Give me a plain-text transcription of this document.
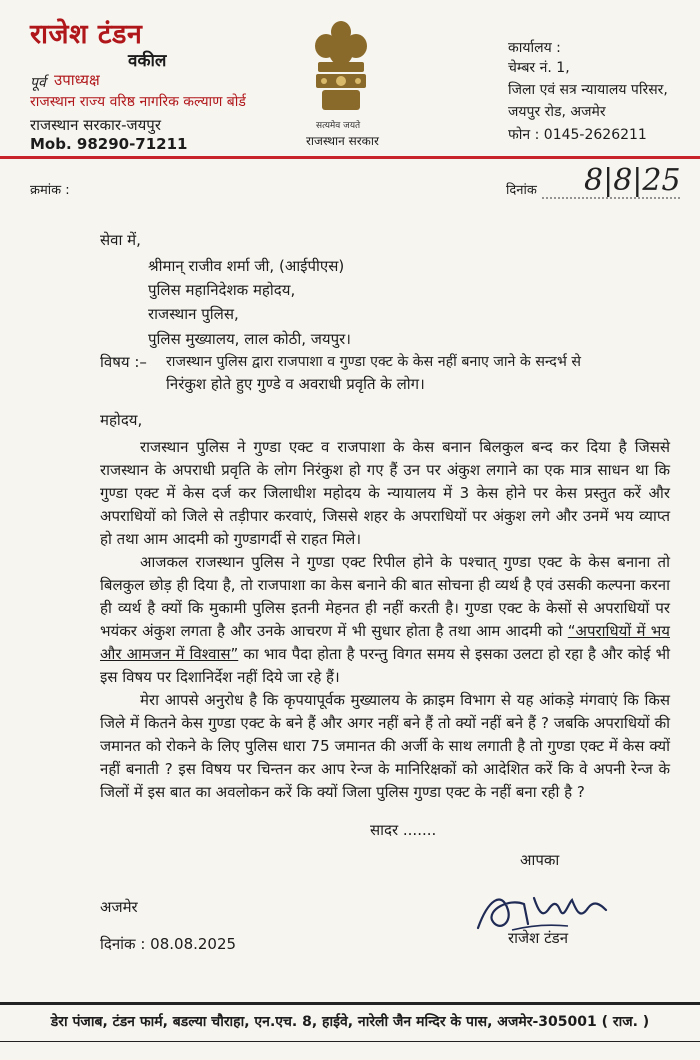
राजेश टंडन
वकील
पूर्व उपाध्यक्ष
राजस्थान राज्य वरिष्ठ नागरिक कल्याण बोर्ड
राजस्थान सरकार-जयपुर
Mob. 98290-71211
सत्यमेव जयते
राजस्थान सरकार
कार्यालय :
चेम्बर नं. 1,
जिला एवं सत्र न्यायालय परिसर,
जयपुर रोड, अजमेर
फोन : 0145-2626211
क्रमांक :	दिनांक 8|8|25
सेवा में,
श्रीमान् राजीव शर्मा जी, (आईपीएस)
पुलिस महानिदेशक महोदय,
राजस्थान पुलिस,
पुलिस मुख्यालय, लाल कोठी, जयपुर।
विषय :– राजस्थान पुलिस द्वारा राजपाशा व गुण्डा एक्ट के केस नहीं बनाए जाने के सन्दर्भ से
निरंकुश होते हुए गुण्डे व अवराधी प्रवृति के लोग।
महोदय,
राजस्थान पुलिस ने गुण्डा एक्ट व राजपाशा के केस बनान बिलकुल बन्द कर दिया है जिससे राजस्थान के अपराधी प्रवृति के लोग निरंकुश हो गए हैं उन पर अंकुश लगाने का एक मात्र साधन था कि गुण्डा एक्ट में केस दर्ज कर जिलाधीश महोदय के न्यायालय में 3 केस होने पर केस प्रस्तुत करें और अपराधियों को जिले से तड़ीपार करवाएं, जिससे शहर के अपराधियों पर अंकुश लगे और उनमें भय व्याप्त हो तथा आम आदमी को गुण्डागर्दी से राहत मिले।
आजकल राजस्थान पुलिस ने गुण्डा एक्ट रिपील होने के पश्चात् गुण्डा एक्ट के केस बनाना तो बिलकुल छोड़ ही दिया है, तो राजपाशा का केस बनाने की बात सोचना ही व्यर्थ है एवं उसकी कल्पना करना ही व्यर्थ है क्यों कि मुकामी पुलिस इतनी मेहनत ही नहीं करती है। गुण्डा एक्ट के केसों से अपराधियों पर भयंकर अंकुश लगता है और उनके आचरण में भी सुधार होता है तथा आम आदमी को “अपराधियों में भय और आमजन में विश्वास” का भाव पैदा होता है परन्तु विगत समय से इसका उलटा हो रहा है और कोई भी इस विषय पर दिशानिर्देश नहीं दिये जा रहे हैं।
मेरा आपसे अनुरोध है कि कृपयापूर्वक मुख्यालय के क्राइम विभाग से यह आंकड़े मंगवाएं कि किस जिले में कितने केस गुण्डा एक्ट के बने हैं और अगर नहीं बने हैं तो क्यों नहीं बने हैं ? जबकि अपराधियों की जमानत को रोकने के लिए पुलिस धारा 75 जमानत की अर्जी के साथ लगाती है तो गुण्डा एक्ट में केस क्यों नहीं बनाती ? इस विषय पर चिन्तन कर आप रेन्ज के मानिरिक्षकों को आदेशित करें कि वे अपनी रेन्ज के जिलों में इस बात का अवलोकन करें कि क्यों जिला पुलिस गुण्डा एक्ट के नहीं बना रही है ?
सादर .......
आपका
अजमेर
दिनांक : 08.08.2025	राजेश टंडन
डेरा पंजाब, टंडन फार्म, बडल्या चौराहा, एन.एच. 8, हाईवे, नारेली जैन मन्दिर के पास, अजमेर-305001 ( राज. )
